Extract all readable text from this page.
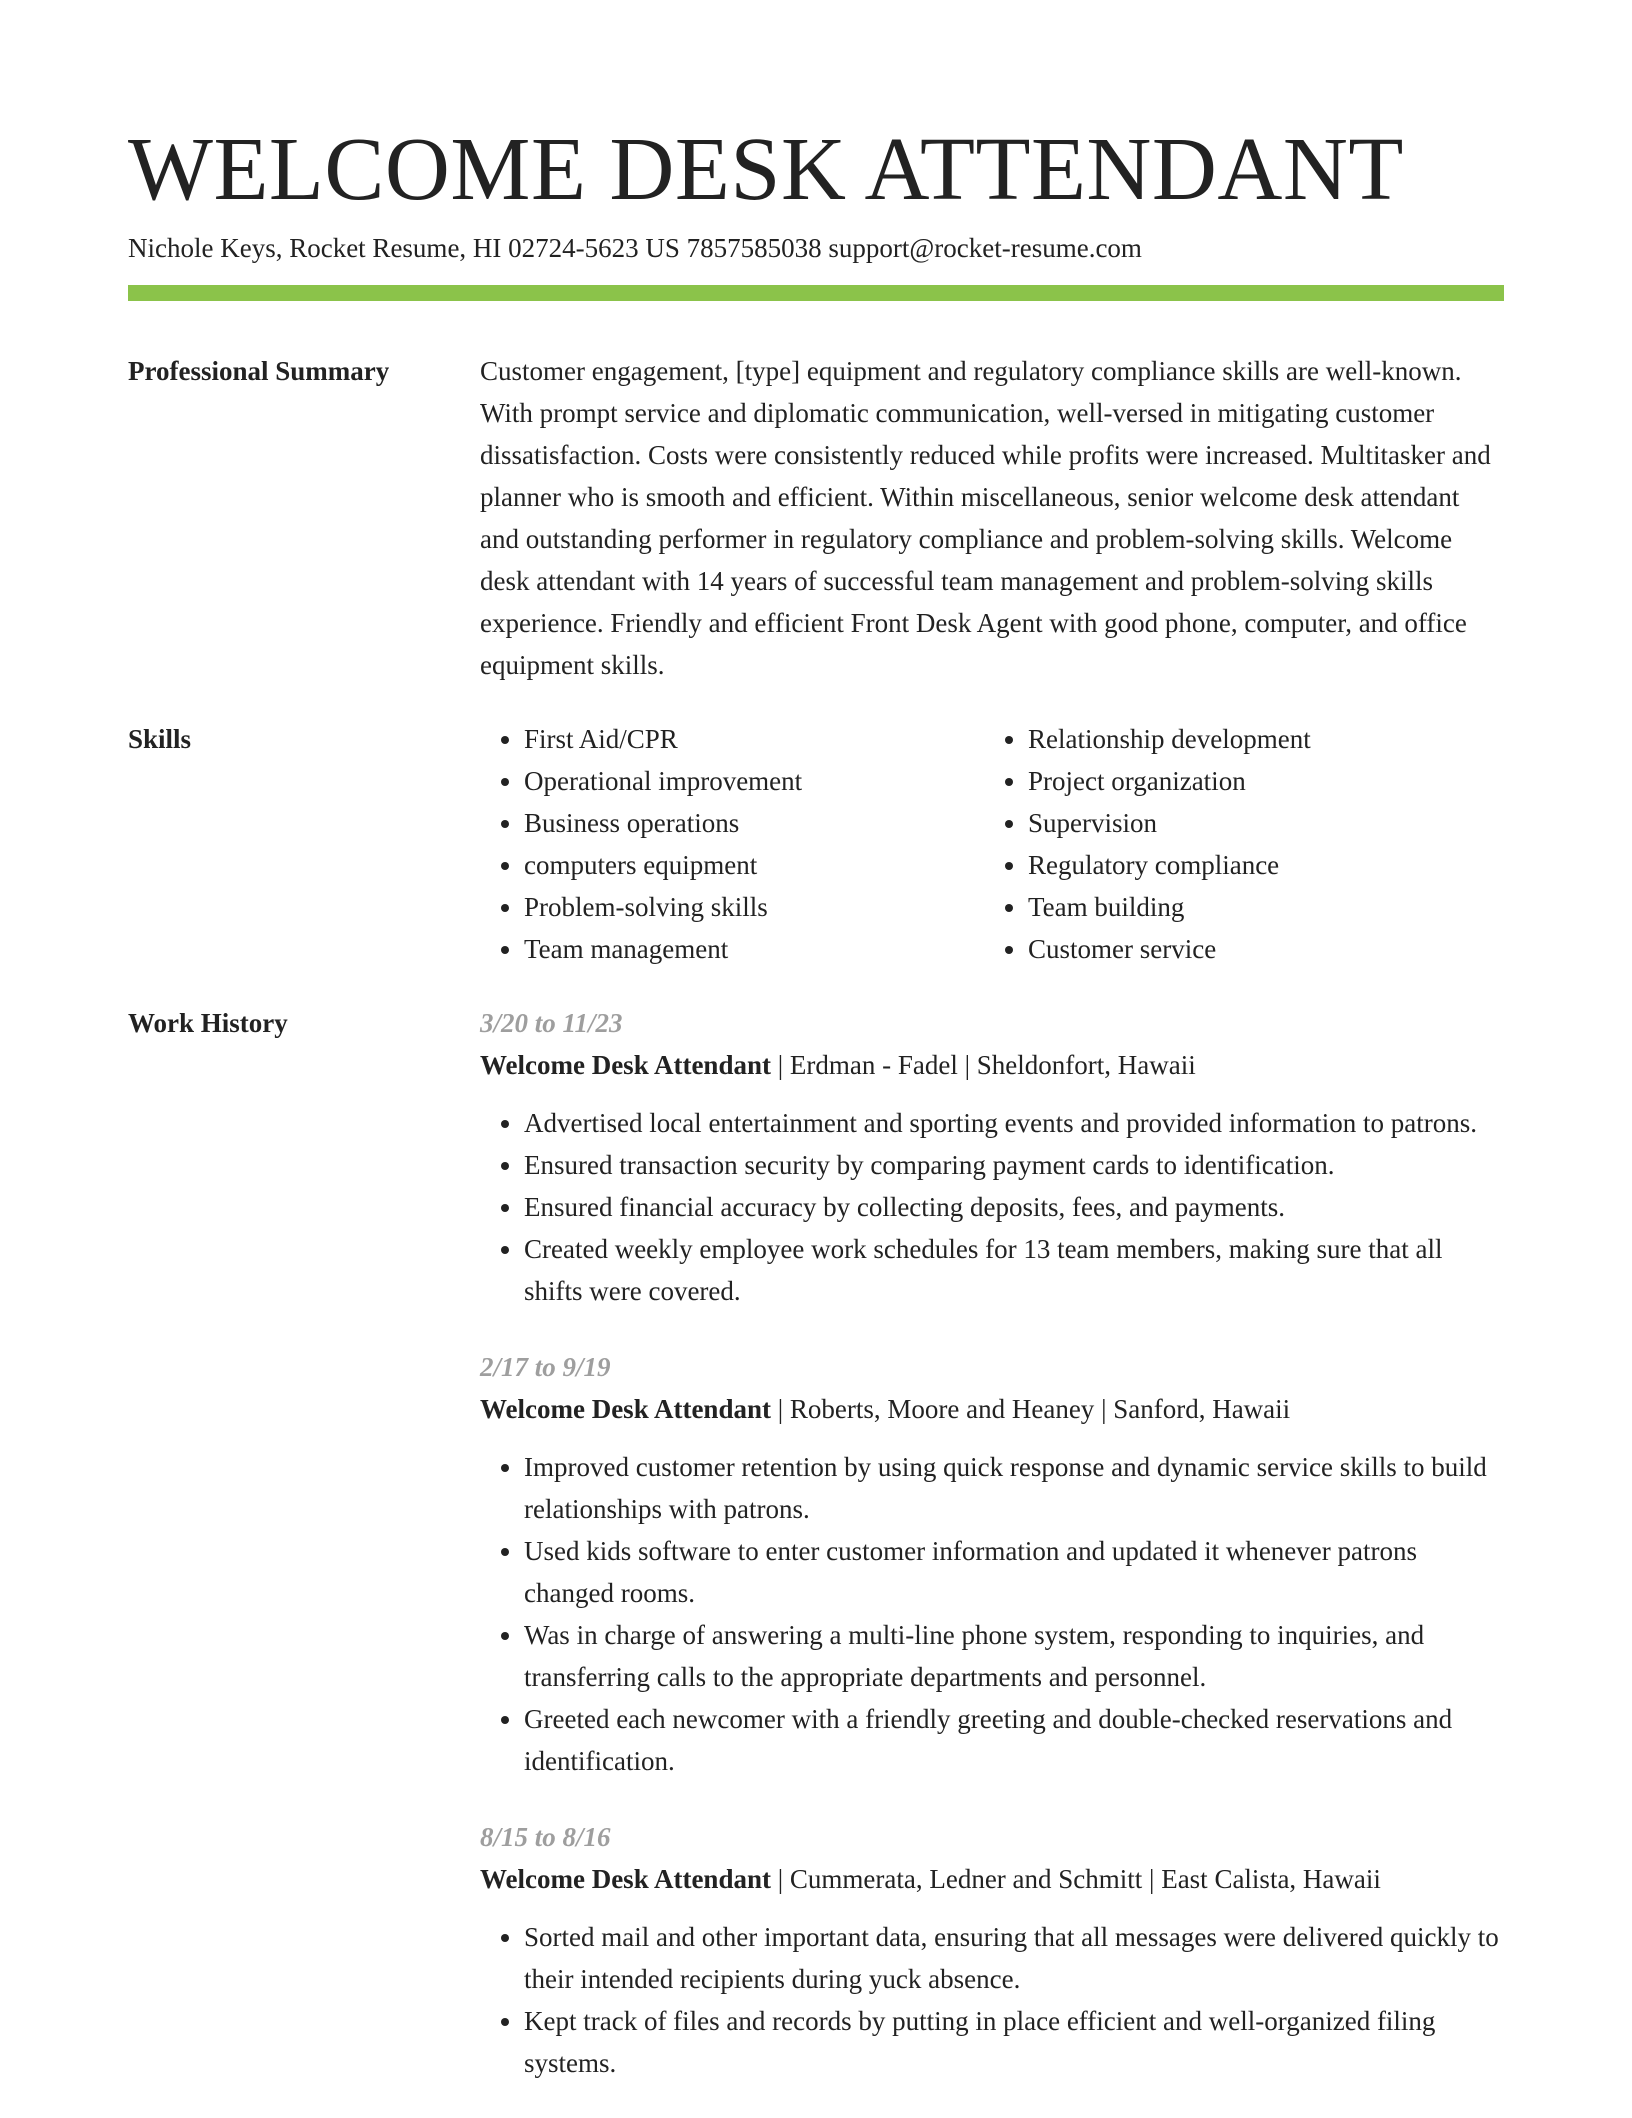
WELCOME DESK ATTENDANT
Nichole Keys, Rocket Resume, HI 02724-5623 US 7857585038 support@rocket-resume.com
Professional Summary	Customer engagement, [type] equipment and regulatory compliance skills are well-known. With prompt service and diplomatic communication, well-versed in mitigating customer dissatisfaction. Costs were consistently reduced while profits were increased. Multitasker and planner who is smooth and efficient. Within miscellaneous, senior welcome desk attendant and outstanding performer in regulatory compliance and problem-solving skills. Welcome desk attendant with 14 years of successful team management and problem-solving skills experience. Friendly and efficient Front Desk Agent with good phone, computer, and office equipment skills.

Skills
•	First Aid/CPR
• Operational improvement
• Business operations
• computers equipment
• Problem-solving skills
• Team management
• Relationship development
• Project organization
• Supervision
• Regulatory compliance
• Team building
• Customer service
Work History	3/20 to 11/23
Welcome Desk Attendant | Erdman - Fadel | Sheldonfort, Hawaii
• Advertised local entertainment and sporting events and provided information to patrons.
• Ensured transaction security by comparing payment cards to identification.
• Ensured financial accuracy by collecting deposits, fees, and payments.
• Created weekly employee work schedules for 13 team members, making sure that all shifts were covered.
2/17 to 9/19
Welcome Desk Attendant | Roberts, Moore and Heaney | Sanford, Hawaii
• Improved customer retention by using quick response and dynamic service skills to build relationships with patrons.
• Used kids software to enter customer information and updated it whenever patrons changed rooms.
• Was in charge of answering a multi-line phone system, responding to inquiries, and transferring calls to the appropriate departments and personnel.
• Greeted each newcomer with a friendly greeting and double-checked reservations and identification.
8/15 to 8/16
Welcome Desk Attendant | Cummerata, Ledner and Schmitt | East Calista, Hawaii
• Sorted mail and other important data, ensuring that all messages were delivered quickly to their intended recipients during yuck absence.
• Kept track of files and records by putting in place efficient and well-organized filing systems.
